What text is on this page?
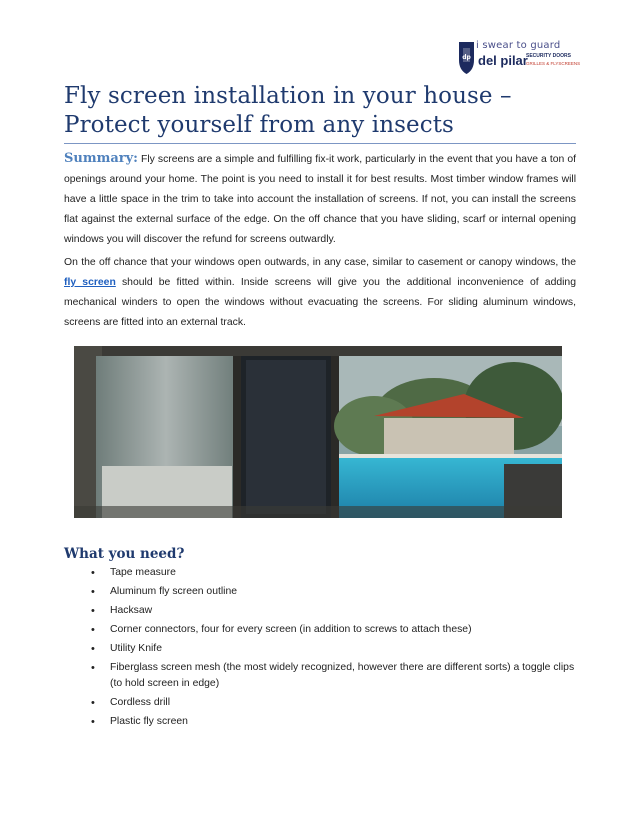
dp
i swear to guard
del pilar
SECURITY DOORS
GRILLES & FLYSCREENS
Fly screen installation in your house – Protect yourself from any insects

Summary: Fly screens are a simple and fulfilling fix-it work, particularly in the event that you have a ton of openings around your home. The point is you need to install it for best results. Most timber window frames will have a little space in the trim to take into account the installation of screens. If not, you can install the screens flat against the external surface of the edge. On the off chance that you have sliding, scarf or internal opening windows you will discover the refund for screens outwardly.

On the off chance that your windows open outwards, in any case, similar to casement or canopy windows, the fly screen should be fitted within. Inside screens will give you the additional inconvenience of adding mechanical winders to open the windows without evacuating the screens. For sliding aluminum windows, screens are fitted into an external track.

What you need?
• Tape measure
• Aluminum fly screen outline
• Hacksaw
• Corner connectors, four for every screen (in addition to screws to attach these)
• Utility Knife
• Fiberglass screen mesh (the most widely recognized, however there are different sorts) a toggle clips (to hold screen in edge)
• Cordless drill
• Plastic fly screen
